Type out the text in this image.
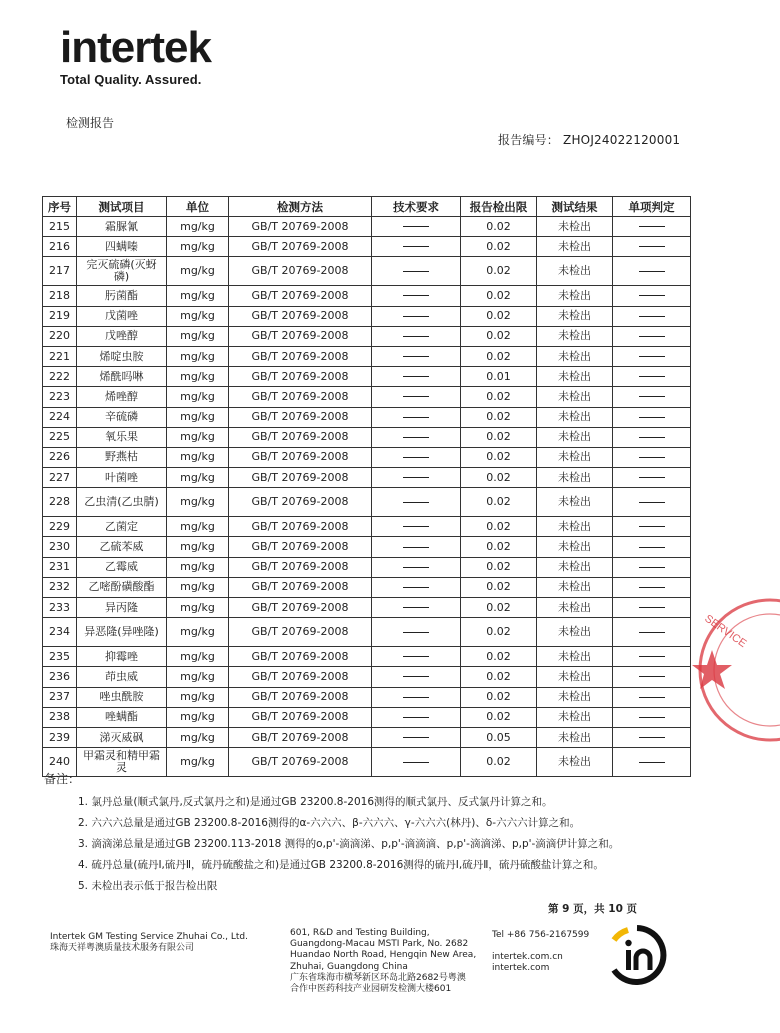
intertek
Total Quality. Assured.
检测报告
报告编号： ZHOJ24022120001
序号	测试项目	单位	检测方法	技术要求	报告检出限	测试结果	单项判定
215	霜脲氰	mg/kg	GB/T 20769-2008		0.02	未检出	
216	四螨嗪	mg/kg	GB/T 20769-2008		0.02	未检出	
217	完灭硫磷(灭蚜磷)	mg/kg	GB/T 20769-2008		0.02	未检出	
218	肟菌酯	mg/kg	GB/T 20769-2008		0.02	未检出	
219	戊菌唑	mg/kg	GB/T 20769-2008		0.02	未检出	
220	戊唑醇	mg/kg	GB/T 20769-2008		0.02	未检出	
221	烯啶虫胺	mg/kg	GB/T 20769-2008		0.02	未检出	
222	烯酰吗啉	mg/kg	GB/T 20769-2008		0.01	未检出	
223	烯唑醇	mg/kg	GB/T 20769-2008		0.02	未检出	
224	辛硫磷	mg/kg	GB/T 20769-2008		0.02	未检出	
225	氧乐果	mg/kg	GB/T 20769-2008		0.02	未检出	
226	野燕枯	mg/kg	GB/T 20769-2008		0.02	未检出	
227	叶菌唑	mg/kg	GB/T 20769-2008		0.02	未检出	
228	乙虫清(乙虫腈)	mg/kg	GB/T 20769-2008		0.02	未检出	
229	乙菌定	mg/kg	GB/T 20769-2008		0.02	未检出	
230	乙硫苯威	mg/kg	GB/T 20769-2008		0.02	未检出	
231	乙霉威	mg/kg	GB/T 20769-2008		0.02	未检出	
232	乙嘧酚磺酸酯	mg/kg	GB/T 20769-2008		0.02	未检出	
233	异丙隆	mg/kg	GB/T 20769-2008		0.02	未检出	
234	异恶隆(异唑隆)	mg/kg	GB/T 20769-2008		0.02	未检出	
235	抑霉唑	mg/kg	GB/T 20769-2008		0.02	未检出	
236	茚虫威	mg/kg	GB/T 20769-2008		0.02	未检出	
237	唑虫酰胺	mg/kg	GB/T 20769-2008		0.02	未检出	
238	唑螨酯	mg/kg	GB/T 20769-2008		0.02	未检出	
239	涕灭威砜	mg/kg	GB/T 20769-2008		0.05	未检出	
240	甲霜灵和精甲霜灵	mg/kg	GB/T 20769-2008		0.02	未检出	
备注：
1. 氯丹总量(顺式氯丹,反式氯丹之和)是通过GB 23200.8-2016测得的顺式氯丹、反式氯丹计算之和。
2. 六六六总量是通过GB 23200.8-2016测得的α-六六六、β-六六六、γ-六六六(林丹)、δ-六六六计算之和。
3. 滴滴涕总量是通过GB 23200.113-2018 测得的o,p'-滴滴涕、p,p'-滴滴滴、p,p'-滴滴涕、p,p'-滴滴伊计算之和。
4. 硫丹总量(硫丹Ⅰ,硫丹Ⅱ，硫丹硫酸盐之和)是通过GB 23200.8-2016测得的硫丹Ⅰ,硫丹Ⅱ，硫丹硫酸盐计算之和。
5. 未检出表示低于报告检出限
第 9 页，共 10 页
Intertek GM Testing Service Zhuhai Co., Ltd.
珠海天祥粤澳质量技术服务有限公司
601, R&D and Testing Building,
Guangdong-Macau MSTI Park, No. 2682
Huandao North Road, Hengqin New Area,
Zhuhai, Guangdong China
广东省珠海市横琴新区环岛北路2682号粤澳
合作中医药科技产业园研发检测大楼601
Tel +86 756-2167599
intertek.com.cn
intertek.com
SERVICE
